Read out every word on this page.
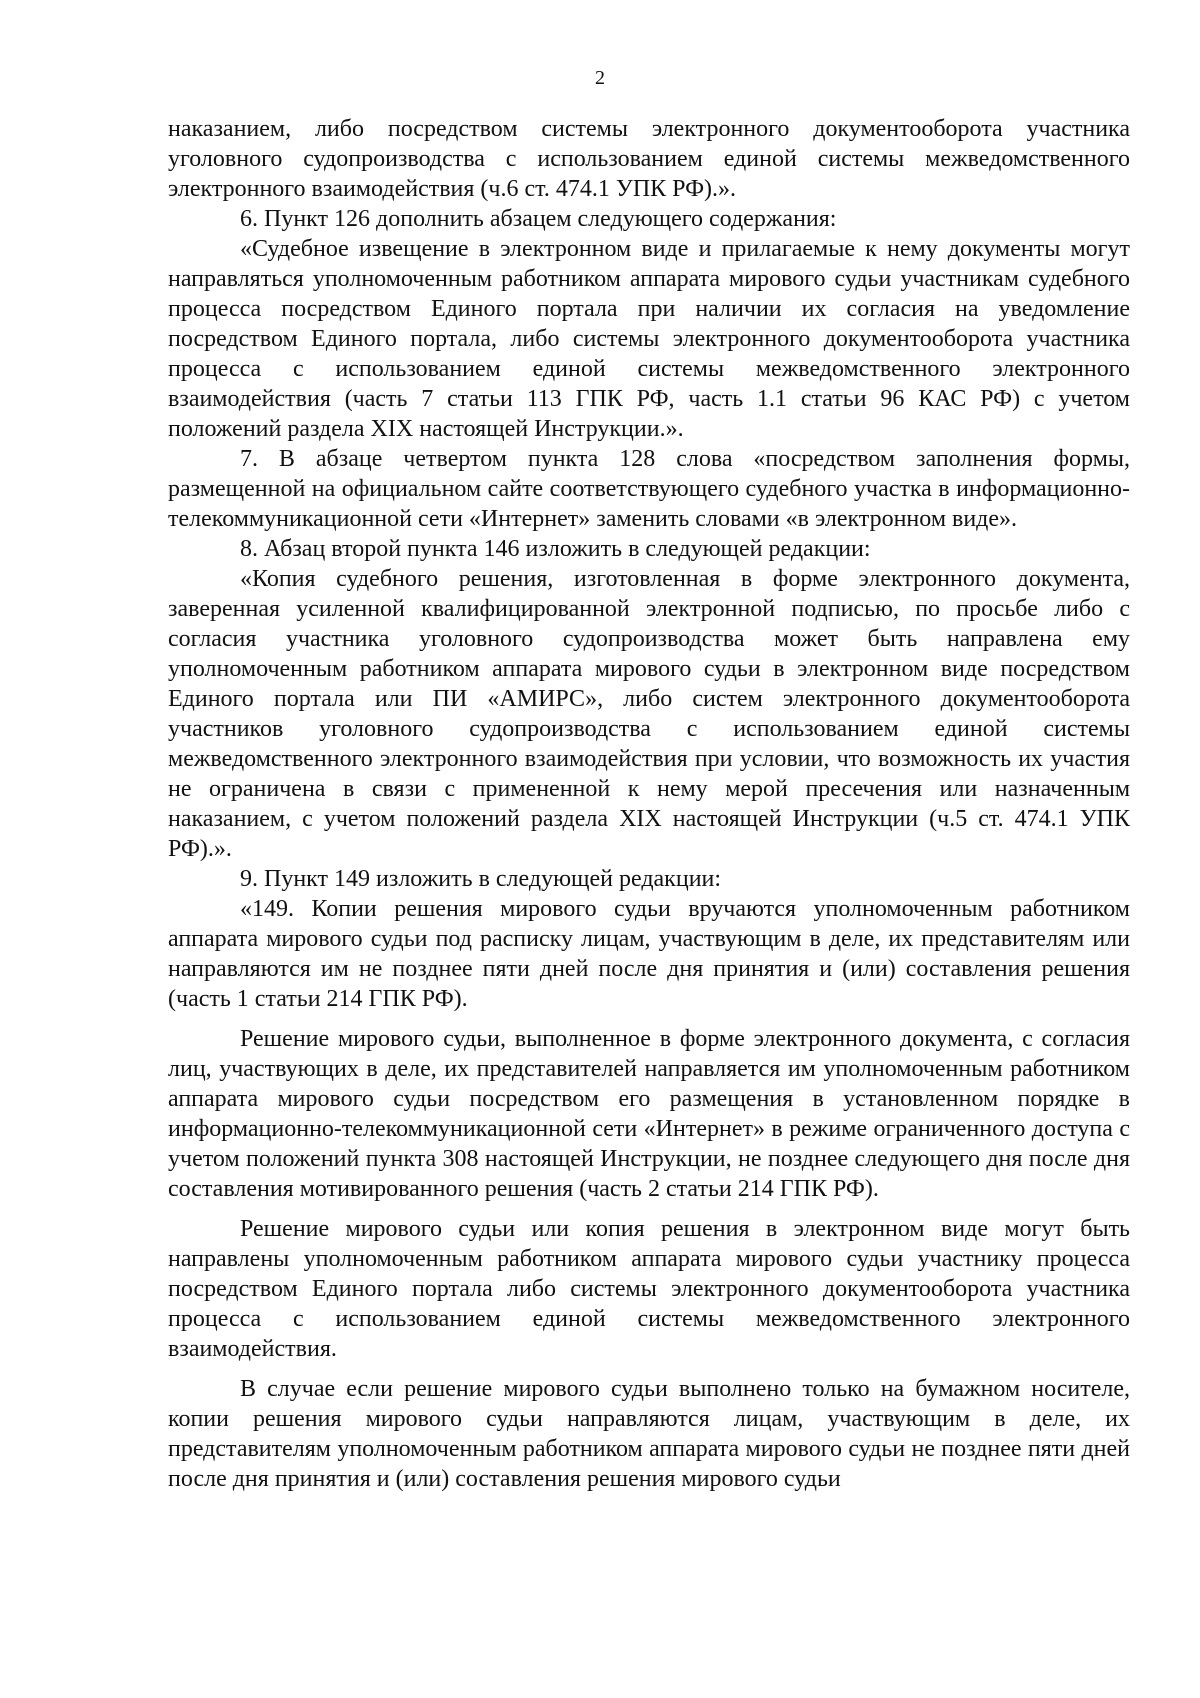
2

наказанием, либо посредством системы электронного документооборота участника уголовного судопроизводства с использованием единой системы межведомственного электронного взаимодействия (ч.6 ст. 474.1 УПК РФ).».

6. Пункт 126 дополнить абзацем следующего содержания:

«Судебное извещение в электронном виде и прилагаемые к нему документы могут направляться уполномоченным работником аппарата мирового судьи участникам судебного процесса посредством Единого портала при наличии их согласия на уведомление посредством Единого портала, либо системы электронного документооборота участника процесса с использованием единой системы межведомственного электронного взаимодействия (часть 7 статьи 113 ГПК РФ, часть 1.1 статьи 96 КАС РФ) с учетом положений раздела XIX настоящей Инструкции.».

7. В абзаце четвертом пункта 128 слова «посредством заполнения формы, размещенной на официальном сайте соответствующего судебного участка в информационно-телекоммуникационной сети «Интернет» заменить словами «в электронном виде».

8. Абзац второй пункта 146 изложить в следующей редакции:

«Копия судебного решения, изготовленная в форме электронного документа, заверенная усиленной квалифицированной электронной подписью, по просьбе либо с согласия участника уголовного судопроизводства может быть направлена ему уполномоченным работником аппарата мирового судьи в электронном виде посредством Единого портала или ПИ «АМИРС», либо систем электронного документооборота участников уголовного судопроизводства с использованием единой системы межведомственного электронного взаимодействия при условии, что возможность их участия не ограничена в связи с примененной к нему мерой пресечения или назначенным наказанием, с учетом положений раздела XIX настоящей Инструкции (ч.5 ст. 474.1 УПК РФ).».

9. Пункт 149 изложить в следующей редакции:

«149. Копии решения мирового судьи вручаются уполномоченным работником аппарата мирового судьи под расписку лицам, участвующим в деле, их представителям или направляются им не позднее пяти дней после дня принятия и (или) составления решения (часть 1 статьи 214 ГПК РФ).

Решение мирового судьи, выполненное в форме электронного документа, с согласия лиц, участвующих в деле, их представителей направляется им уполномоченным работником аппарата мирового судьи посредством его размещения в установленном порядке в информационно-телекоммуникационной сети «Интернет» в режиме ограниченного доступа с учетом положений пункта 308 настоящей Инструкции, не позднее следующего дня после дня составления мотивированного решения (часть 2 статьи 214 ГПК РФ).

Решение мирового судьи или копия решения в электронном виде могут быть направлены уполномоченным работником аппарата мирового судьи участнику процесса посредством Единого портала либо системы электронного документооборота участника процесса с использованием единой системы межведомственного электронного взаимодействия.

В случае если решение мирового судьи выполнено только на бумажном носителе, копии решения мирового судьи направляются лицам, участвующим в деле, их представителям уполномоченным работником аппарата мирового судьи не позднее пяти дней после дня принятия и (или) составления решения мирового судьи
